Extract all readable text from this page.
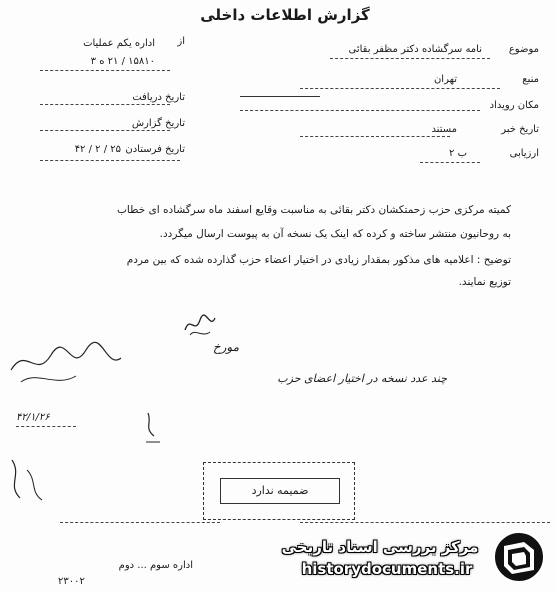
گزارش اطلاعات داخلی
موضوع
نامه سرگشاده دکتر مظفر بقائی
منبع
تهران
مکان رویداد
تاریخ خبر
مستند
ارزیابی
ب ۲
از
اداره یکم عملیات
۱۵۸۱۰ / ۲۱ ه ۳
تاریخ دریافت
تاریخ گزارش
تاریخ فرستادن
۴۲ / ۲ / ۲۵
کمیته مرکزی حزب زحمتکشان دکتر بقائی به مناسبت وقایع اسفند ماه سرگشاده ای خطاب
به روحانیون منتشر ساخته و کرده که اینک یک نسخه آن به پیوست ارسال میگردد.
توضیح : اعلامیه های مذکور بمقدار زیادی در اختیار اعضاء حزب گذارده شده که بین مردم
توزیع نمایند.
مورخ
چند عدد نسخه در اختیار اعضای حزب
۴۲/۱/۲۶
ضمیمه ندارد
اداره سوم ... دوم
۲۳۰۰۲
مرکز بررسی اسناد تاریخی
historydocuments.ir
